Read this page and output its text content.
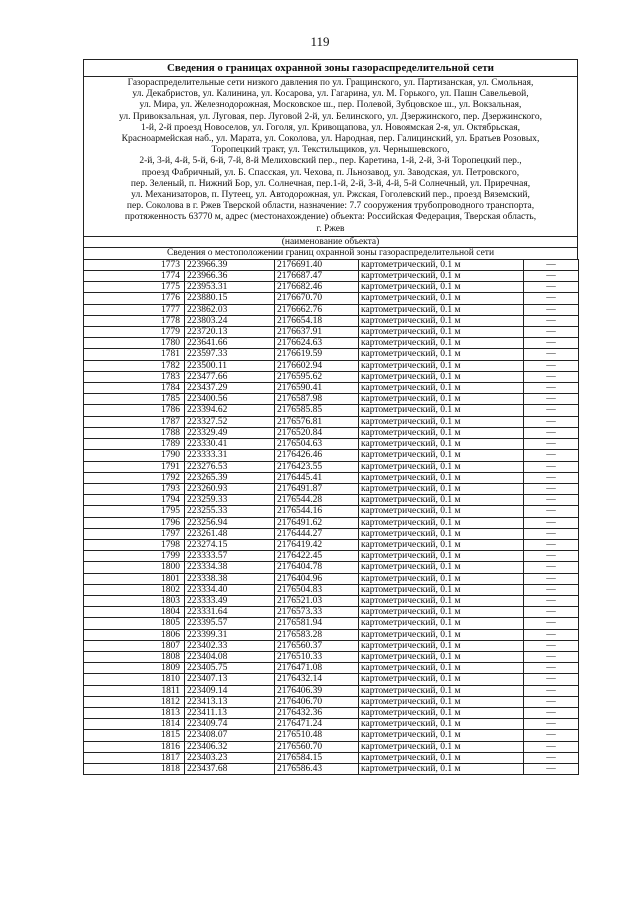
119
Сведения о границах охранной зоны газораспределительной сети
Газораспределительные сети низкого давления по ул. Гращинского, ул. Партизанская, ул. Смольная,
ул. Декабристов, ул. Калинина, ул. Косарова, ул. Гагарина, ул. М. Горького, ул. Пашн Савельевой,
ул. Мира, ул. Железнодорожная, Московское ш., пер. Полевой, Зубцовское ш., ул. Вокзальная,
ул. Привокзальная, ул. Луговая, пер. Луговой 2-й, ул. Белинского, ул. Дзержинского, пер. Дзержинского,
1-й, 2-й проезд Новоселов, ул. Гоголя, ул. Кривощапова, ул. Новоямская 2-я, ул. Октябрьская,
Красноармейская наб., ул. Марата, ул. Соколова, ул. Народная, пер. Галицинский, ул. Братьев Розовых,
Торопецкий тракт, ул. Текстильщиков, ул. Чернышевского,
2-й, 3-й, 4-й, 5-й, 6-й, 7-й, 8-й Мелиховский пер., пер. Каретина, 1-й, 2-й, 3-й Торопецкий пер.,
проезд Фабричный, ул. Б. Спасская, ул. Чехова, п. Льнозавод, ул. Заводская, ул. Петровского,
пер. Зеленый, п. Нижний Бор, ул. Солнечная, пер.1-й, 2-й, 3-й, 4-й, 5-й Солнечный, ул. Приречная,
ул. Механизаторов, п. Путеец, ул. Автодорожная, ул. Ржская, Гоголевский пер., проезд Вяземский,
пер. Соколова в г. Ржев Тверской области, назначение: 7.7 сооружения трубопроводного транспорта,
протяженность 63770 м, адрес (местонахождение) объекта: Российская Федерация, Тверская область,
г. Ржев
(наименование объекта)
Сведения о местоположении границ охранной зоны газораспределительной сети
1773	223966.39	2176691.40	картометрический, 0.1 м	—
1774	223966.36	2176687.47	картометрический, 0.1 м	—
1775	223953.31	2176682.46	картометрический, 0.1 м	—
1776	223880.15	2176670.70	картометрический, 0.1 м	—
1777	223862.03	2176662.76	картометрический, 0.1 м	—
1778	223803.24	2176654.18	картометрический, 0.1 м	—
1779	223720.13	2176637.91	картометрический, 0.1 м	—
1780	223641.66	2176624.63	картометрический, 0.1 м	—
1781	223597.33	2176619.59	картометрический, 0.1 м	—
1782	223500.11	2176602.94	картометрический, 0.1 м	—
1783	223477.66	2176595.62	картометрический, 0.1 м	—
1784	223437.29	2176590.41	картометрический, 0.1 м	—
1785	223400.56	2176587.98	картометрический, 0.1 м	—
1786	223394.62	2176585.85	картометрический, 0.1 м	—
1787	223327.52	2176576.81	картометрический, 0.1 м	—
1788	223329.49	2176520.84	картометрический, 0.1 м	—
1789	223330.41	2176504.63	картометрический, 0.1 м	—
1790	223333.31	2176426.46	картометрический, 0.1 м	—
1791	223276.53	2176423.55	картометрический, 0.1 м	—
1792	223265.39	2176445.41	картометрический, 0.1 м	—
1793	223260.93	2176491.87	картометрический, 0.1 м	—
1794	223259.33	2176544.28	картометрический, 0.1 м	—
1795	223255.33	2176544.16	картометрический, 0.1 м	—
1796	223256.94	2176491.62	картометрический, 0.1 м	—
1797	223261.48	2176444.27	картометрический, 0.1 м	—
1798	223274.15	2176419.42	картометрический, 0.1 м	—
1799	223333.57	2176422.45	картометрический, 0.1 м	—
1800	223334.38	2176404.78	картометрический, 0.1 м	—
1801	223338.38	2176404.96	картометрический, 0.1 м	—
1802	223334.40	2176504.83	картометрический, 0.1 м	—
1803	223333.49	2176521.03	картометрический, 0.1 м	—
1804	223331.64	2176573.33	картометрический, 0.1 м	—
1805	223395.57	2176581.94	картометрический, 0.1 м	—
1806	223399.31	2176583.28	картометрический, 0.1 м	—
1807	223402.33	2176560.37	картометрический, 0.1 м	—
1808	223404.08	2176510.33	картометрический, 0.1 м	—
1809	223405.75	2176471.08	картометрический, 0.1 м	—
1810	223407.13	2176432.14	картометрический, 0.1 м	—
1811	223409.14	2176406.39	картометрический, 0.1 м	—
1812	223413.13	2176406.70	картометрический, 0.1 м	—
1813	223411.13	2176432.36	картометрический, 0.1 м	—
1814	223409.74	2176471.24	картометрический, 0.1 м	—
1815	223408.07	2176510.48	картометрический, 0.1 м	—
1816	223406.32	2176560.70	картометрический, 0.1 м	—
1817	223403.23	2176584.15	картометрический, 0.1 м	—
1818	223437.68	2176586.43	картометрический, 0.1 м	—
